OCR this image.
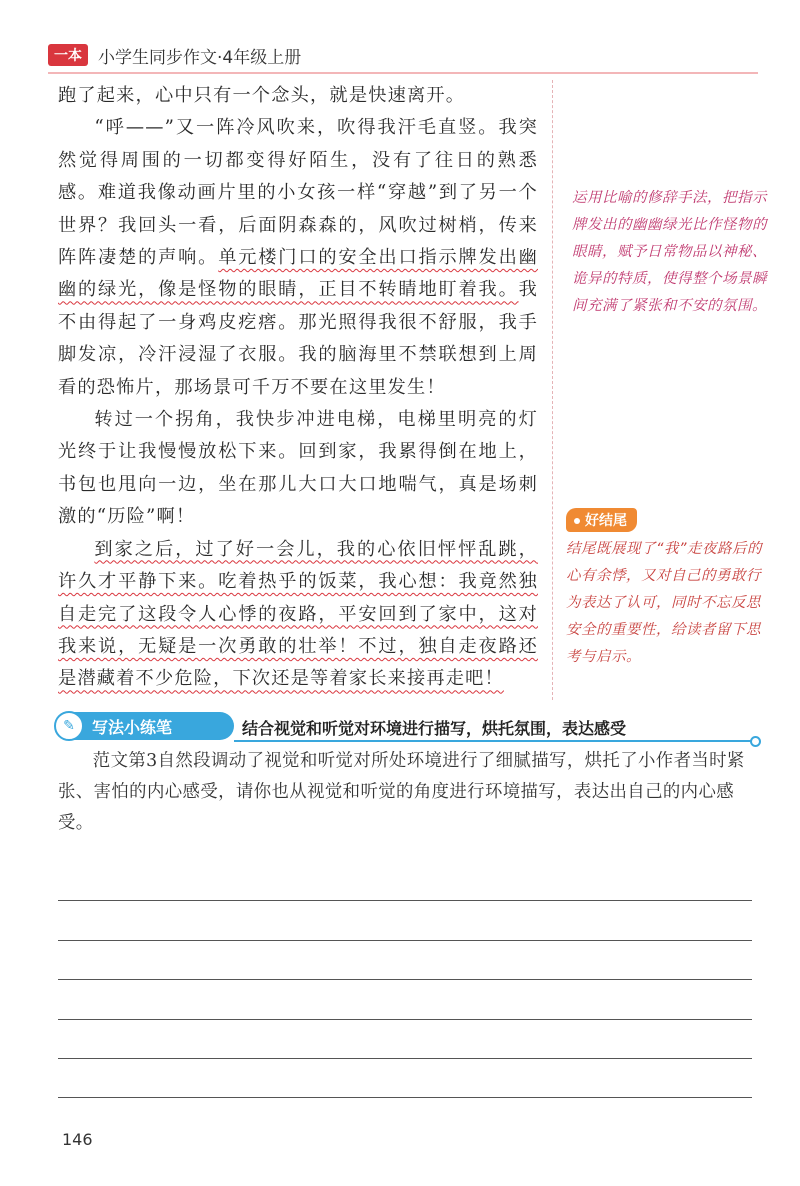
一本 小学生同步作文·4年级上册

跑了起来，心中只有一个念头，就是快速离开。

“呼——”又一阵冷风吹来，吹得我汗毛直竖。我突然觉得周围的一切都变得好陌生，没有了往日的熟悉感。难道我像动画片里的小女孩一样“穿越”到了另一个世界？我回头一看，后面阴森森的，风吹过树梢，传来阵阵凄楚的声响。单元楼门口的安全出口指示牌发出幽幽的绿光，像是怪物的眼睛，正目不转睛地盯着我。我不由得起了一身鸡皮疙瘩。那光照得我很不舒服，我手脚发凉，冷汗浸湿了衣服。我的脑海里不禁联想到上周看的恐怖片，那场景可千万不要在这里发生！

转过一个拐角，我快步冲进电梯，电梯里明亮的灯光终于让我慢慢放松下来。回到家，我累得倒在地上，书包也甩向一边，坐在那儿大口大口地喘气，真是场刺激的“历险”啊！

到家之后，过了好一会儿，我的心依旧怦怦乱跳，许久才平静下来。吃着热乎的饭菜，我心想：我竟然独自走完了这段令人心悸的夜路，平安回到了家中，这对我来说，无疑是一次勇敢的壮举！不过，独自走夜路还是潜藏着不少危险，下次还是等着家长来接再走吧！

运用比喻的修辞手法，把指示牌发出的幽幽绿光比作怪物的眼睛，赋予日常物品以神秘、诡异的特质，使得整个场景瞬间充满了紧张和不安的氛围。
好结尾
结尾既展现了“我”走夜路后的心有余悸，又对自己的勇敢行为表达了认可，同时不忘反思安全的重要性，给读者留下思考与启示。
✎	写法小练笔	结合视觉和听觉对环境进行描写，烘托氛围，表达感受

范文第3自然段调动了视觉和听觉对所处环境进行了细腻描写，烘托了小作者当时紧张、害怕的内心感受，请你也从视觉和听觉的角度进行环境描写，表达出自己的内心感受。

146
